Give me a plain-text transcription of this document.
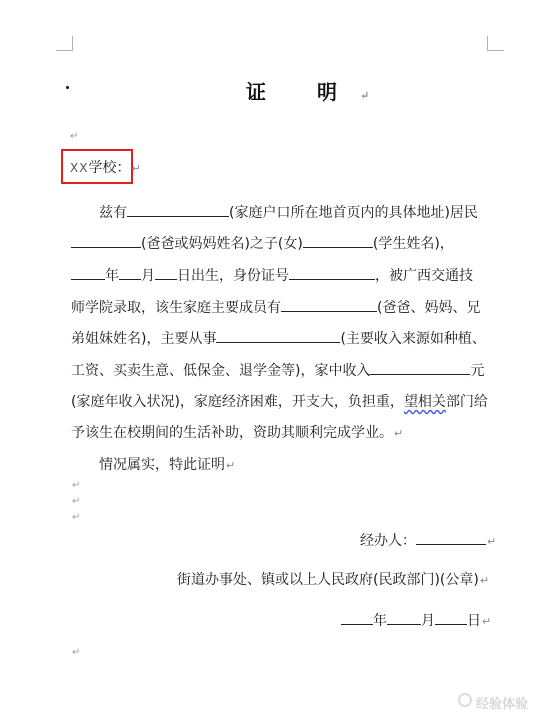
证 明↵
↵
XX学校：↵
兹有	(家庭户口所在地首页内的具体地址)居民
(爸爸或妈妈姓名)之子(女)	(学生姓名)，
年 月 日出生，身份证号	，被广西交通技
师学院录取，该生家庭主要成员有	(爸爸、妈妈、兄
弟姐妹姓名)，主要从事	(主要收入来源如种植、
工资、买卖生意、低保金、退学金等)，家中收入	元
(家庭年收入状况)，家庭经济困难，开支大，负担重，望相关部门给
予该生在校期间的生活补助，资助其顺利完成学业。↵
情况属实，特此证明↵
↵
↵
↵
经办人：	↵
街道办事处、镇或以上人民政府(民政部门)(公章)↵
年 月 日↵
↵
经验体验
